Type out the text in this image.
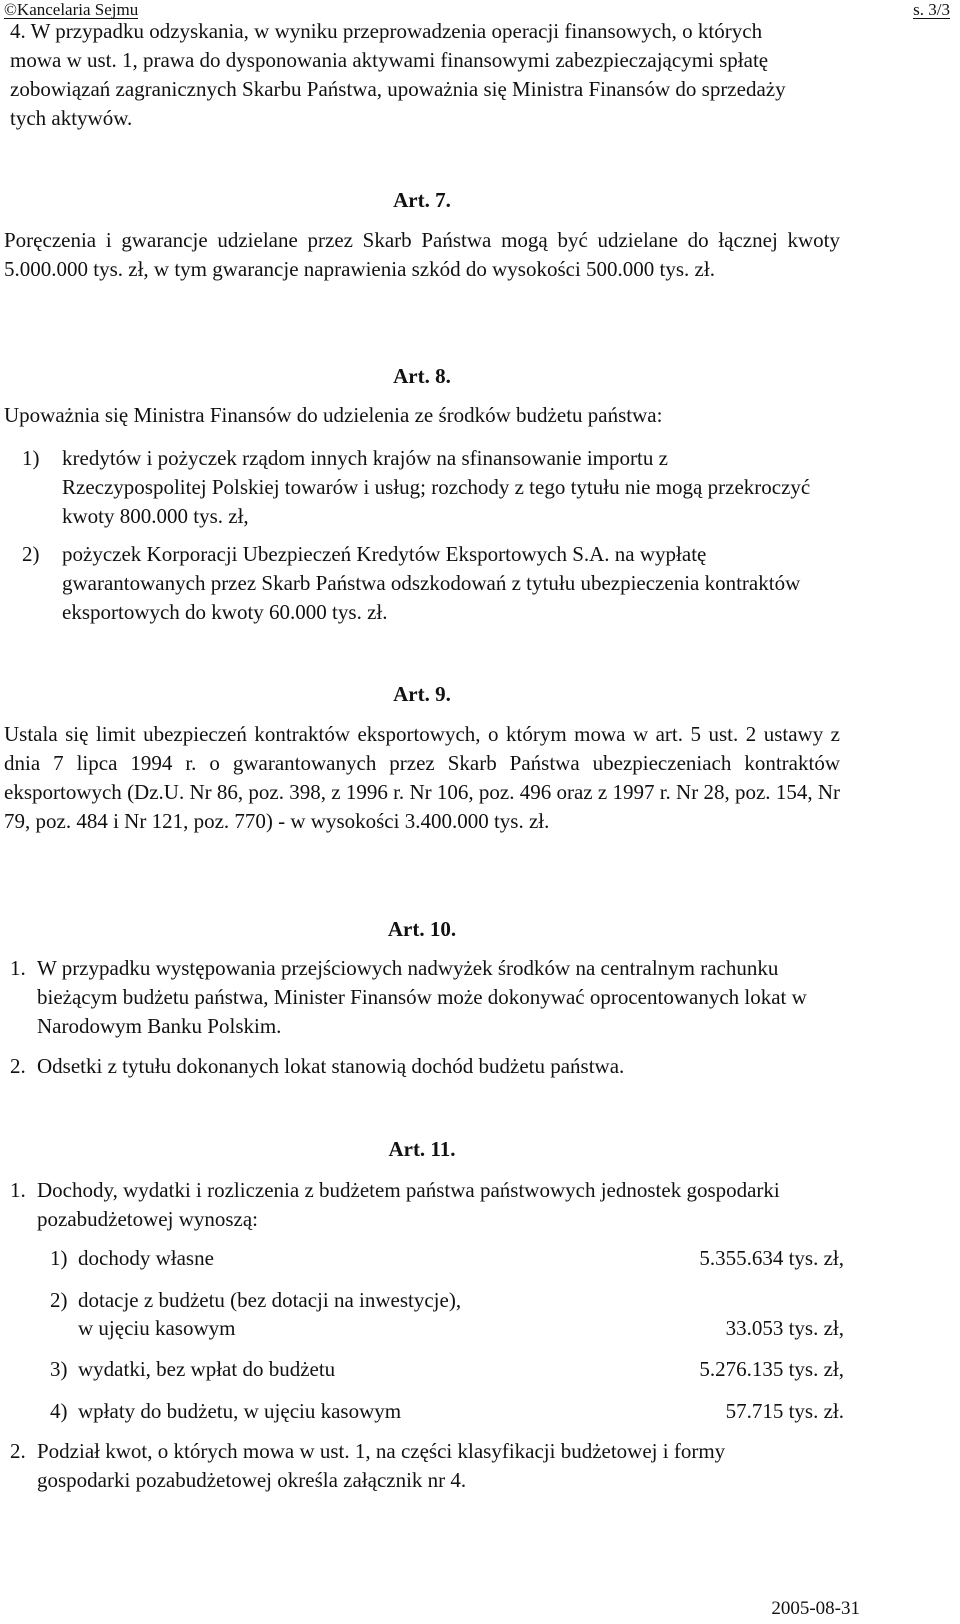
©Kancelaria Sejmu	s. 3/3
4. W przypadku odzyskania, w wyniku przeprowadzenia operacji finansowych, o których mowa w ust. 1, prawa do dysponowania aktywami finansowymi zabezpieczającymi spłatę zobowiązań zagranicznych Skarbu Państwa, upoważnia się Ministra Finansów do sprzedaży tych aktywów.
Art. 7.
Poręczenia i gwarancje udzielane przez Skarb Państwa mogą być udzielane do łącznej kwoty 5.000.000 tys. zł, w tym gwarancje naprawienia szkód do wysokości 500.000 tys. zł.
Art. 8.
Upoważnia się Ministra Finansów do udzielenia ze środków budżetu państwa:
1) kredytów i pożyczek rządom innych krajów na sfinansowanie importu z Rzeczypospolitej Polskiej towarów i usług; rozchody z tego tytułu nie mogą przekroczyć kwoty 800.000 tys. zł,
2) pożyczek Korporacji Ubezpieczeń Kredytów Eksportowych S.A. na wypłatę gwarantowanych przez Skarb Państwa odszkodowań z tytułu ubezpieczenia kontraktów eksportowych do kwoty 60.000 tys. zł.
Art. 9.
Ustala się limit ubezpieczeń kontraktów eksportowych, o którym mowa w art. 5 ust. 2 ustawy z dnia 7 lipca 1994 r. o gwarantowanych przez Skarb Państwa ubezpieczeniach kontraktów eksportowych (Dz.U. Nr 86, poz. 398, z 1996 r. Nr 106, poz. 496 oraz z 1997 r. Nr 28, poz. 154, Nr 79, poz. 484 i Nr 121, poz. 770) - w wysokości 3.400.000 tys. zł.
Art. 10.
1. W przypadku występowania przejściowych nadwyżek środków na centralnym rachunku bieżącym budżetu państwa, Minister Finansów może dokonywać oprocentowanych lokat w Narodowym Banku Polskim.
2. Odsetki z tytułu dokonanych lokat stanowią dochód budżetu państwa.
Art. 11.
1. Dochody, wydatki i rozliczenia z budżetem państwa państwowych jednostek gospodarki pozabudżetowej wynoszą:
1) dochody własne	5.355.634 tys. zł,
2) dotacje z budżetu (bez dotacji na inwestycje),
w ujęciu kasowym	33.053 tys. zł,
3) wydatki, bez wpłat do budżetu	5.276.135 tys. zł,
4) wpłaty do budżetu, w ujęciu kasowym	57.715 tys. zł.
2. Podział kwot, o których mowa w ust. 1, na części klasyfikacji budżetowej i formy gospodarki pozabudżetowej określa załącznik nr 4.
2005-08-31
